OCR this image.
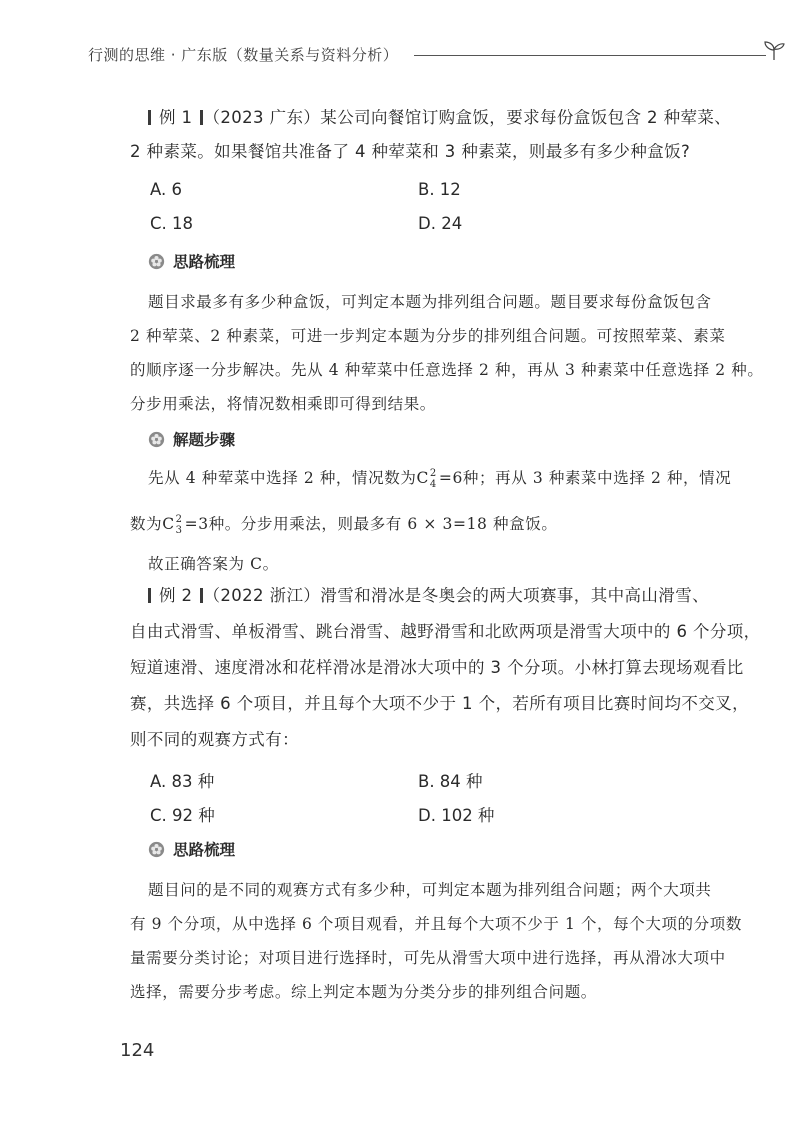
行测的思维 · 广东版（数量关系与资料分析）
例 1 （2023 广东）某公司向餐馆订购盒饭，要求每份盒饭包含 2 种荤菜、
2 种素菜。如果餐馆共准备了 4 种荤菜和 3 种素菜，则最多有多少种盒饭?
A. 6	B. 12
C. 18	D. 24
思路梳理
题目求最多有多少种盒饭，可判定本题为排列组合问题。题目要求每份盒饭包含
2 种荤菜、2 种素菜，可进一步判定本题为分步的排列组合问题。可按照荤菜、素菜
的顺序逐一分步解决。先从 4 种荤菜中任意选择 2 种，再从 3 种素菜中任意选择 2 种。
分步用乘法，将情况数相乘即可得到结果。
解题步骤
先从 4 种荤菜中选择 2 种，情况数为C 2
4 =6种；再从 3 种素菜中选择 2 种，情况
数为C 2
3 =3种。分步用乘法，则最多有 6 × 3=18 种盒饭。
故正确答案为 C。
例 2 （2022 浙江）滑雪和滑冰是冬奥会的两大项赛事，其中高山滑雪、
自由式滑雪、单板滑雪、跳台滑雪、越野滑雪和北欧两项是滑雪大项中的 6 个分项，
短道速滑、速度滑冰和花样滑冰是滑冰大项中的 3 个分项。小林打算去现场观看比
赛，共选择 6 个项目，并且每个大项不少于 1 个，若所有项目比赛时间均不交叉，
则不同的观赛方式有：
A. 83 种	B. 84 种
C. 92 种	D. 102 种
思路梳理
题目问的是不同的观赛方式有多少种，可判定本题为排列组合问题；两个大项共
有 9 个分项，从中选择 6 个项目观看，并且每个大项不少于 1 个，每个大项的分项数
量需要分类讨论；对项目进行选择时，可先从滑雪大项中进行选择，再从滑冰大项中
选择，需要分步考虑。综上判定本题为分类分步的排列组合问题。
124
